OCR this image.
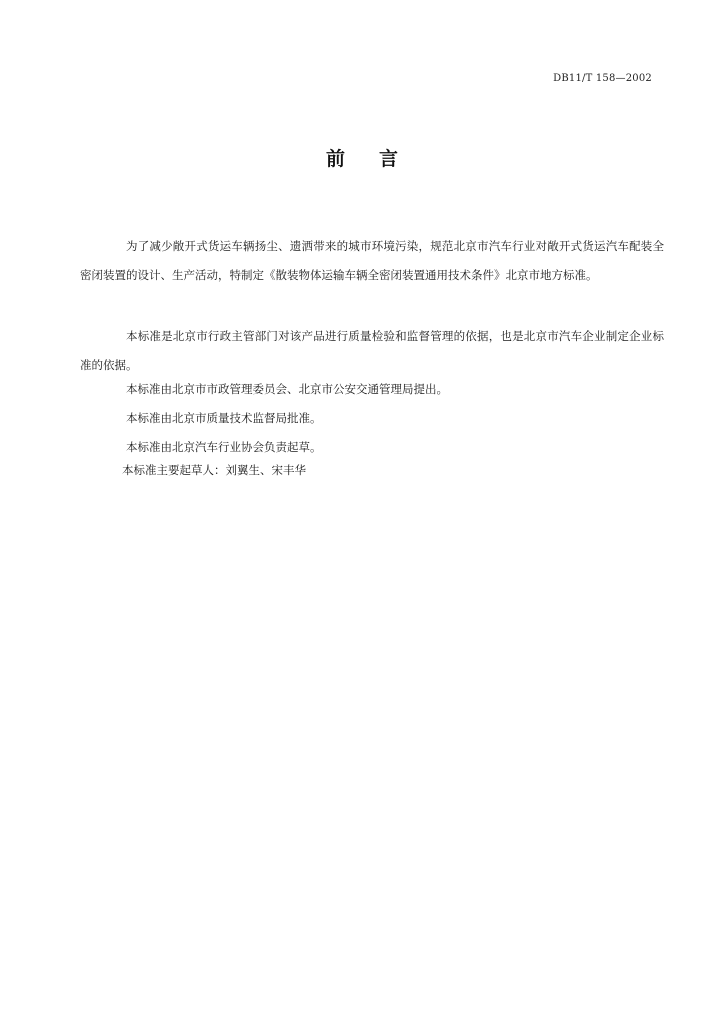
DB11/T 158—2002
前言

为了减少敞开式货运车辆扬尘、遗洒带来的城市环境污染，规范北京市汽车行业对敞开式货运汽车配装全密闭装置的设计、生产活动，特制定《散装物体运输车辆全密闭装置通用技术条件》北京市地方标准。

本标准是北京市行政主管部门对该产品进行质量检验和监督管理的依据，也是北京市汽车企业制定企业标准的依据。

本标准由北京市市政管理委员会、北京市公安交通管理局提出。
本标准由北京市质量技术监督局批准。
本标准由北京汽车行业协会负责起草。
本标准主要起草人：刘翼生、宋丰华
